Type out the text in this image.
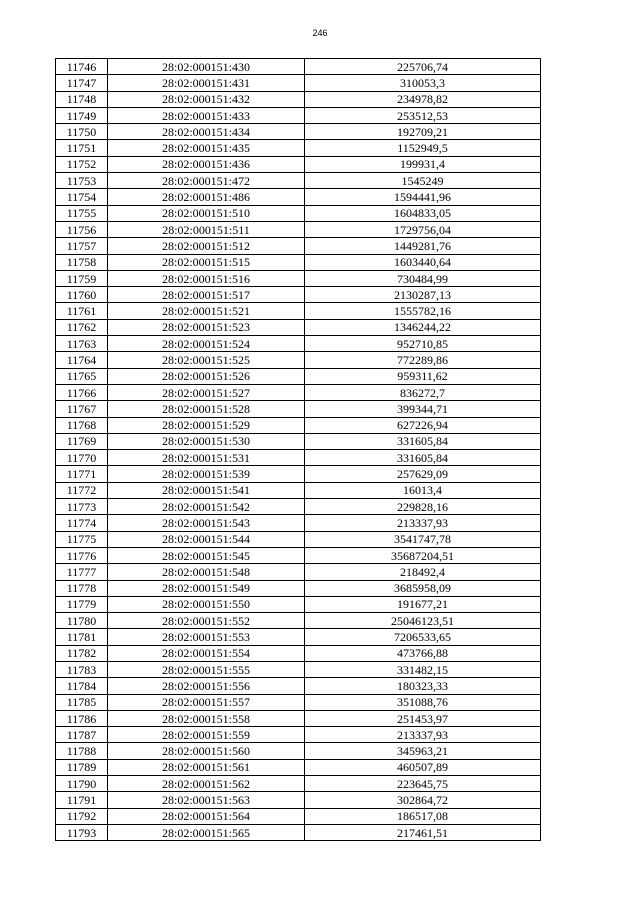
246
11746	28:02:000151:430	225706,74
11747	28:02:000151:431	310053,3
11748	28:02:000151:432	234978,82
11749	28:02:000151:433	253512,53
11750	28:02:000151:434	192709,21
11751	28:02:000151:435	1152949,5
11752	28:02:000151:436	199931,4
11753	28:02:000151:472	1545249
11754	28:02:000151:486	1594441,96
11755	28:02:000151:510	1604833,05
11756	28:02:000151:511	1729756,04
11757	28:02:000151:512	1449281,76
11758	28:02:000151:515	1603440,64
11759	28:02:000151:516	730484,99
11760	28:02:000151:517	2130287,13
11761	28:02:000151:521	1555782,16
11762	28:02:000151:523	1346244,22
11763	28:02:000151:524	952710,85
11764	28:02:000151:525	772289,86
11765	28:02:000151:526	959311,62
11766	28:02:000151:527	836272,7
11767	28:02:000151:528	399344,71
11768	28:02:000151:529	627226,94
11769	28:02:000151:530	331605,84
11770	28:02:000151:531	331605,84
11771	28:02:000151:539	257629,09
11772	28:02:000151:541	16013,4
11773	28:02:000151:542	229828,16
11774	28:02:000151:543	213337,93
11775	28:02:000151:544	3541747,78
11776	28:02:000151:545	35687204,51
11777	28:02:000151:548	218492,4
11778	28:02:000151:549	3685958,09
11779	28:02:000151:550	191677,21
11780	28:02:000151:552	25046123,51
11781	28:02:000151:553	7206533,65
11782	28:02:000151:554	473766,88
11783	28:02:000151:555	331482,15
11784	28:02:000151:556	180323,33
11785	28:02:000151:557	351088,76
11786	28:02:000151:558	251453,97
11787	28:02:000151:559	213337,93
11788	28:02:000151:560	345963,21
11789	28:02:000151:561	460507,89
11790	28:02:000151:562	223645,75
11791	28:02:000151:563	302864,72
11792	28:02:000151:564	186517,08
11793	28:02:000151:565	217461,51
